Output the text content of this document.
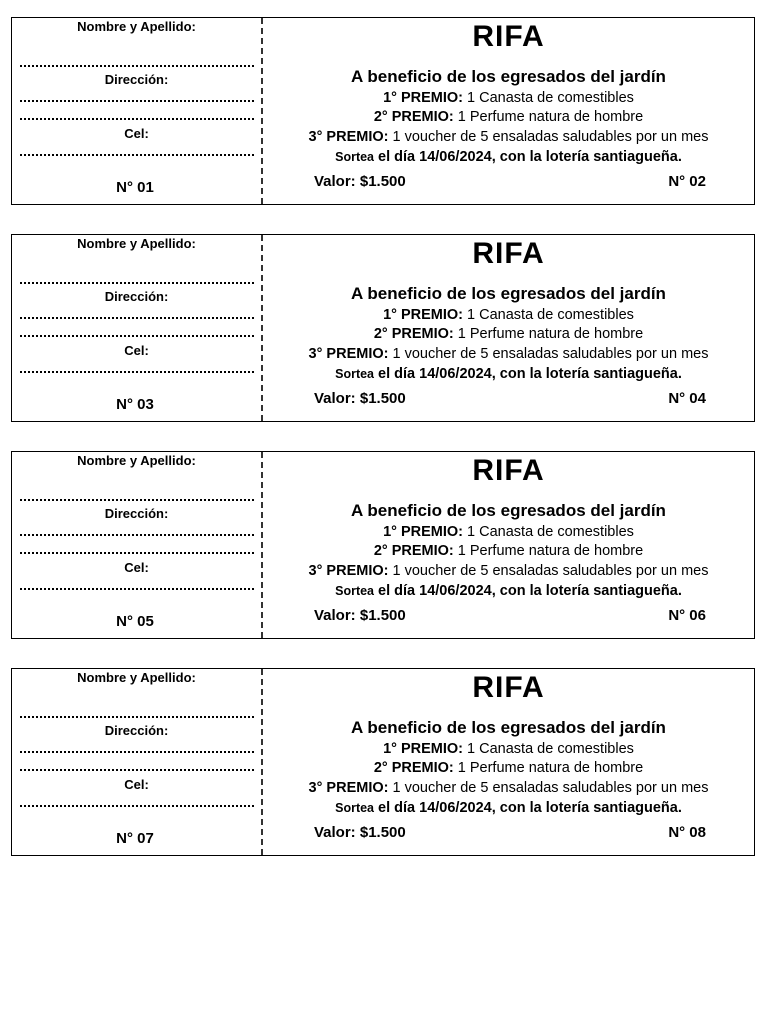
Nombre y Apellido:
Dirección:
Cel:
N° 01
RIFA
A beneficio de los egresados del jardín
1° PREMIO: 1 Canasta de comestibles
2° PREMIO: 1 Perfume natura de hombre
3° PREMIO: 1 voucher de 5 ensaladas saludables por un mes
Sortea el día 14/06/2024, con la lotería santiagueña.
Valor: $1.500	N° 02
Nombre y Apellido:
Dirección:
Cel:
N° 03
RIFA
A beneficio de los egresados del jardín
1° PREMIO: 1 Canasta de comestibles
2° PREMIO: 1 Perfume natura de hombre
3° PREMIO: 1 voucher de 5 ensaladas saludables por un mes
Sortea el día 14/06/2024, con la lotería santiagueña.
Valor: $1.500	N° 04
Nombre y Apellido:
Dirección:
Cel:
N° 05
RIFA
A beneficio de los egresados del jardín
1° PREMIO: 1 Canasta de comestibles
2° PREMIO: 1 Perfume natura de hombre
3° PREMIO: 1 voucher de 5 ensaladas saludables por un mes
Sortea el día 14/06/2024, con la lotería santiagueña.
Valor: $1.500	N° 06
Nombre y Apellido:
Dirección:
Cel:
N° 07
RIFA
A beneficio de los egresados del jardín
1° PREMIO: 1 Canasta de comestibles
2° PREMIO: 1 Perfume natura de hombre
3° PREMIO: 1 voucher de 5 ensaladas saludables por un mes
Sortea el día 14/06/2024, con la lotería santiagueña.
Valor: $1.500	N° 08
